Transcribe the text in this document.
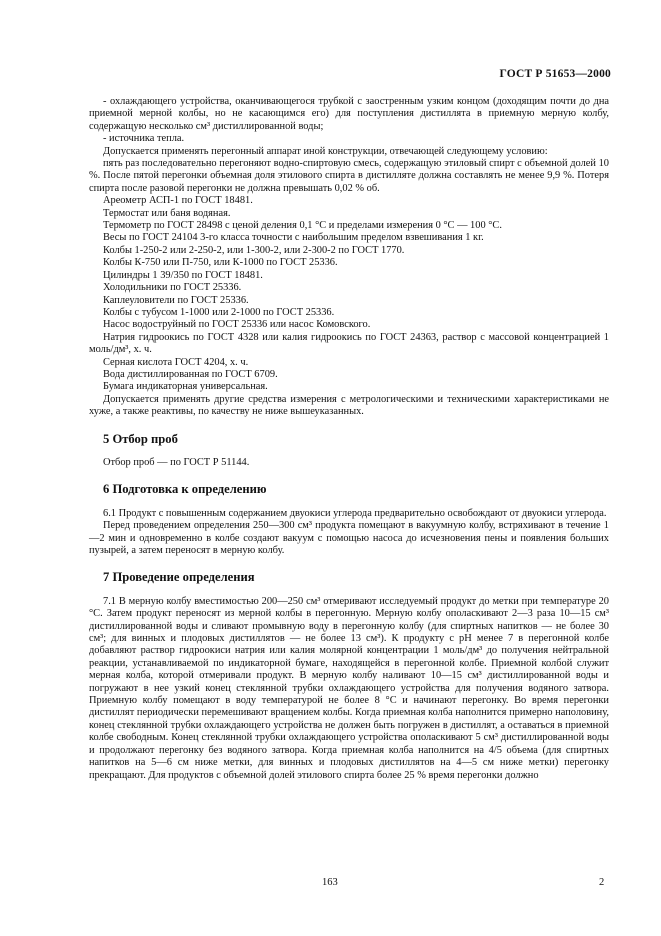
ГОСТ Р 51653—2000

- охлаждающего устройства, оканчивающегося трубкой с заостренным узким концом (доходящим почти до дна приемной мерной колбы, но не касающимся его) для поступления дистиллята в приемную мерную колбу, содержащую несколько см³ дистиллированной воды;

- источника тепла.

Допускается применять перегонный аппарат иной конструкции, отвечающей следующему условию:

пять раз последовательно перегоняют водно-спиртовую смесь, содержащую этиловый спирт с объемной долей 10 %. После пятой перегонки объемная доля этилового спирта в дистилляте должна составлять не менее 9,9 %. Потеря спирта после разовой перегонки не должна превышать 0,02 % об.

Ареометр АСП-1 по ГОСТ 18481.

Термостат или баня водяная.

Термометр по ГОСТ 28498 с ценой деления 0,1 °С и пределами измерения 0 °С — 100 °С.

Весы по ГОСТ 24104 3-го класса точности с наибольшим пределом взвешивания 1 кг.

Колбы 1-250-2 или 2-250-2, или 1-300-2, или 2-300-2 по ГОСТ 1770.

Колбы К-750 или П-750, или К-1000 по ГОСТ 25336.

Цилиндры 1 39/350 по ГОСТ 18481.

Холодильники по ГОСТ 25336.

Каплеуловители по ГОСТ 25336.

Колбы с тубусом 1-1000 или 2-1000 по ГОСТ 25336.

Насос водоструйный по ГОСТ 25336 или насос Комовского.

Натрия гидроокись по ГОСТ 4328 или калия гидроокись по ГОСТ 24363, раствор с массовой концентрацией 1 моль/дм³, х. ч.

Серная кислота ГОСТ 4204, х. ч.

Вода дистиллированная по ГОСТ 6709.

Бумага индикаторная универсальная.

Допускается применять другие средства измерения с метрологическими и техническими характеристиками не хуже, а также реактивы, по качеству не ниже вышеуказанных.

5 Отбор проб

Отбор проб — по ГОСТ Р 51144.

6 Подготовка к определению

6.1 Продукт с повышенным содержанием двуокиси углерода предварительно освобождают от двуокиси углерода.

Перед проведением определения 250—300 см³ продукта помещают в вакуумную колбу, встряхивают в течение 1—2 мин и одновременно в колбе создают вакуум с помощью насоса до исчезновения пены и появления больших пузырей, а затем переносят в мерную колбу.

7 Проведение определения

7.1 В мерную колбу вместимостью 200—250 см³ отмеривают исследуемый продукт до метки при температуре 20 °С. Затем продукт переносят из мерной колбы в перегонную. Мерную колбу ополаскивают 2—3 раза 10—15 см³ дистиллированной воды и сливают промывную воду в перегонную колбу (для спиртных напитков — не более 30 см³; для винных и плодовых дистиллятов — не более 13 см³). К продукту с рН менее 7 в перегонной колбе добавляют раствор гидроокиси натрия или калия молярной концентрации 1 моль/дм³ до получения нейтральной реакции, устанавливаемой по индикаторной бумаге, находящейся в перегонной колбе. Приемной колбой служит мерная колба, которой отмеривали продукт. В мерную колбу наливают 10—15 см³ дистиллированной воды и погружают в нее узкий конец стеклянной трубки охлаждающего устройства для получения водяного затвора. Приемную колбу помещают в воду температурой не более 8 °С и начинают перегонку. Во время перегонки дистиллят периодически перемешивают вращением колбы. Когда приемная колба наполнится примерно наполовину, конец стеклянной трубки охлаждающего устройства не должен быть погружен в дистиллят, а оставаться в приемной колбе свободным. Конец стеклянной трубки охлаждающего устройства ополаскивают 5 см³ дистиллированной воды и продолжают перегонку без водяного затвора. Когда приемная колба наполнится на 4/5 объема (для спиртных напитков на 5—6 см ниже метки, для винных и плодовых дистиллятов на 4—5 см ниже метки) перегонку прекращают. Для продуктов с объемной долей этилового спирта более 25 % время перегонки должно

163	2
